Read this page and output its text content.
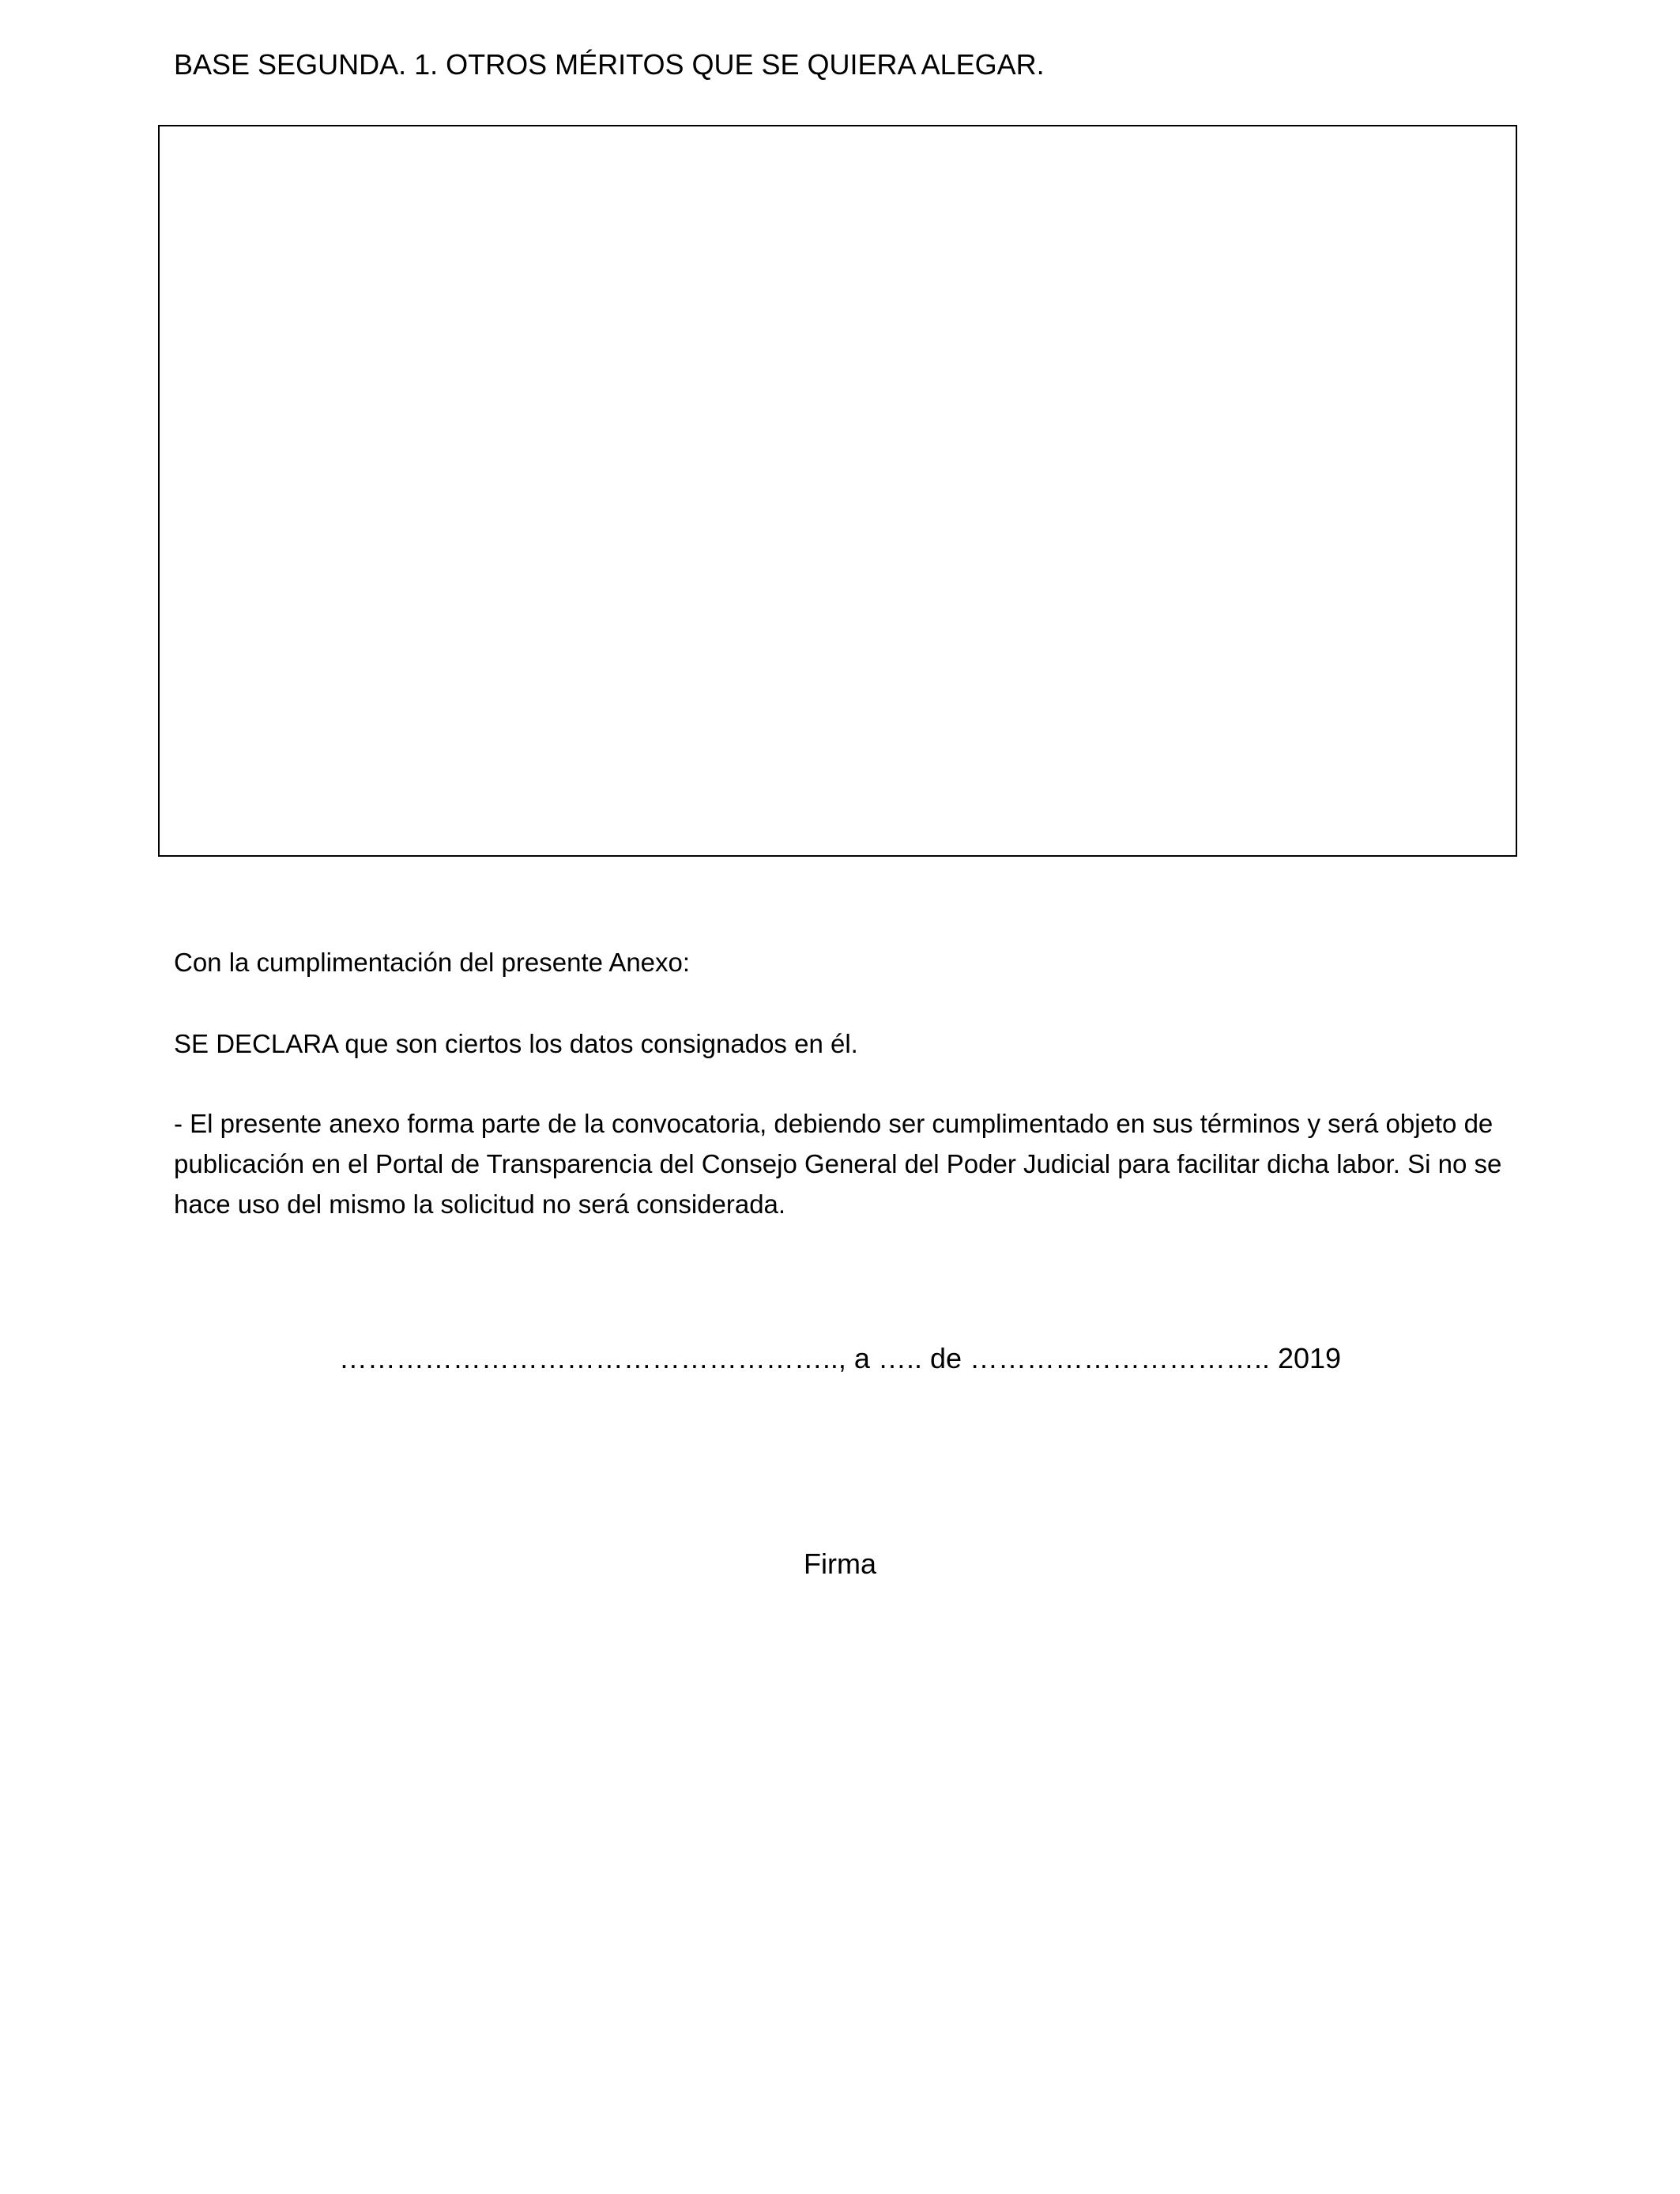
BASE SEGUNDA. 1. OTROS MÉRITOS QUE SE QUIERA ALEGAR.

Con la cumplimentación del presente Anexo:

SE DECLARA que son ciertos los datos consignados en él.

- El presente anexo forma parte de la convocatoria, debiendo ser cumplimentado en sus términos y será objeto de publicación en el Portal de Transparencia del Consejo General del Poder Judicial para facilitar dicha labor. Si no se hace uso del mismo la solicitud no será considerada.

…………………………………………….., a ….. de ………………………….. 2019
Firma
